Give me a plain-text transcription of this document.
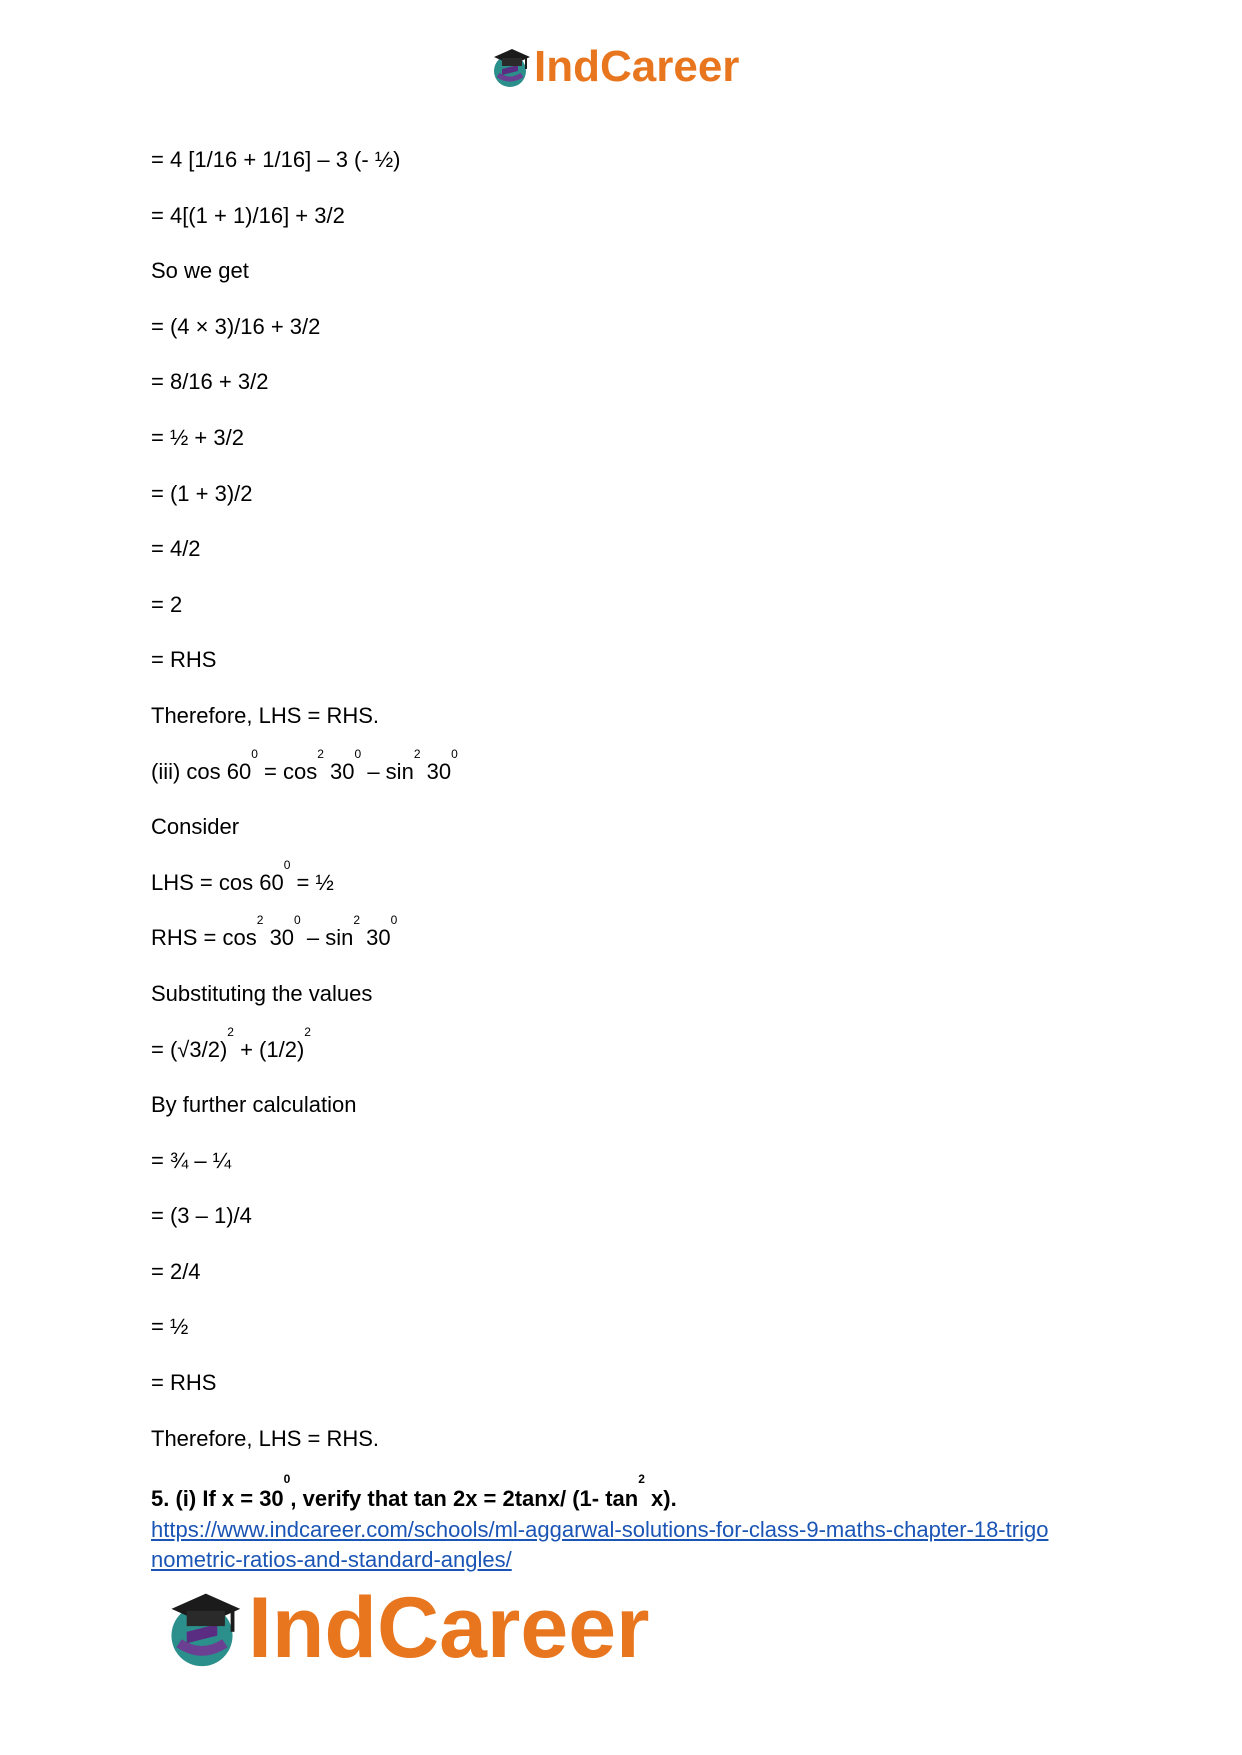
IndCareer
= 4 [1/16 + 1/16] – 3 (- ½)
= 4[(1 + 1)/16] + 3/2
So we get
= (4 × 3)/16 + 3/2
= 8/16 + 3/2
= ½ + 3/2
= (1 + 3)/2
= 4/2
= 2
= RHS
Therefore, LHS = RHS.
(iii) $\cos 60^0 = \cos^2 30^0 - \sin^2 30^0$
Consider
LHS = $\cos 60^0$ = ½
RHS = $\cos^2 30^0 - \sin^2 30^0$
Substituting the values
= $(√3/2)^2 + (1/2)^2$
By further calculation
= ¾ – ¼
= (3 – 1)/4
= 2/4
= ½
= RHS
Therefore, LHS = RHS.
5. (i) If $x = 30^0$, verify that tan 2x = 2tanx/ (1- $\tan^2 x$).
https://www.indcareer.com/schools/ml-aggarwal-solutions-for-class-9-maths-chapter-18-trigo
nometric-ratios-and-standard-angles/
IndCareer
